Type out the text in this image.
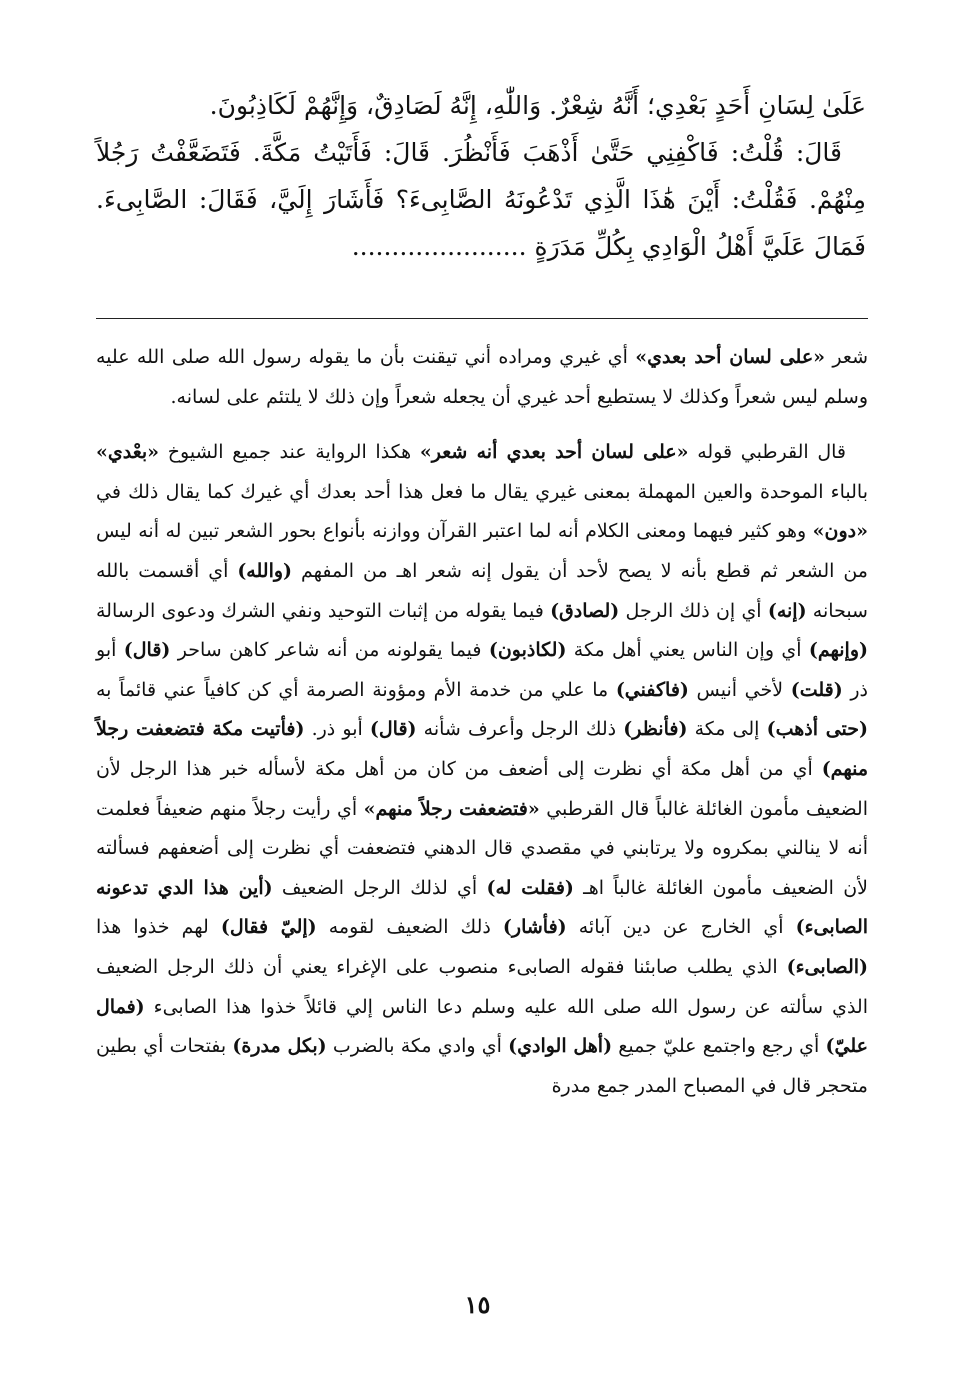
عَلَىٰ لِسَانِ أَحَدٍ بَعْدِي؛ أَنَّهُ شِعْرٌ. وَاللّٰهِ، إِنَّهُ لَصَادِقٌ، وَإِنَّهُمْ لَكَاذِبُونَ.

قَالَ: قُلْتُ: فَاكْفِنِي حَتَّىٰ أَذْهَبَ فَأَنْظُرَ. قَالَ: فَأَتَيْتُ مَكَّةَ. فَتَضَعَّفْتُ رَجُلاً مِنْهُمْ. فَقُلْتُ: أَيْنَ هَٰذَا الَّذِي تَدْعُونَهُ الصَّابِىءَ؟ فَأَشَارَ إِلَيَّ، فَقَالَ: الصَّابِىءَ. فَمَالَ عَلَيَّ أَهْلُ الْوَادِي بِكُلِّ مَدَرَةٍ ......................

شعر «على لسان أحد بعدي» أي غيري ومراده أني تيقنت بأن ما يقوله رسول الله صلى الله عليه وسلم ليس شعراً وكذلك لا يستطيع أحد غيري أن يجعله شعراً وإن ذلك لا يلتئم على لسانه.

قال القرطبي قوله «على لسان أحد بعدي أنه شعر» هكذا الرواية عند جميع الشيوخ «بعْدي» بالباء الموحدة والعين المهملة بمعنى غيري يقال ما فعل هذا أحد بعدك أي غيرك كما يقال ذلك في «دون» وهو كثير فيهما ومعنى الكلام أنه لما اعتبر القرآن ووازنه بأنواع بحور الشعر تبين له أنه ليس من الشعر ثم قطع بأنه لا يصح لأحد أن يقول إنه شعر اهـ من المفهم (والله) أي أقسمت بالله سبحانه (إنه) أي إن ذلك الرجل (لصادق) فيما يقوله من إثبات التوحيد ونفي الشرك ودعوى الرسالة (وإنهم) أي وإن الناس يعني أهل مكة (لكاذبون) فيما يقولونه من أنه شاعر كاهن ساحر (قال) أبو ذر (قلت) لأخي أنيس (فاكفني) ما علي من خدمة الأم ومؤونة الصرمة أي كن كافياً عني قائماً به (حتى أذهب) إلى مكة (فأنظر) ذلك الرجل وأعرف شأنه (قال) أبو ذر. (فأتيت مكة فتضعفت رجلاً منهم) أي من أهل مكة أي نظرت إلى أضعف من كان من أهل مكة لأسأله خبر هذا الرجل لأن الضعيف مأمون الغائلة غالباً قال القرطبي «فتضعفت رجلاً منهم» أي رأيت رجلاً منهم ضعيفاً فعلمت أنه لا ينالني بمكروه ولا يرتابني في مقصدي قال الدهني فتضعفت أي نظرت إلى أضعفهم فسألته لأن الضعيف مأمون الغائلة غالباً اهـ (فقلت له) أي لذلك الرجل الضعيف (أين هذا الدي تدعونه الصابىء) أي الخارج عن دين آبائه (فأشار) ذلك الضعيف لقومه (إليّ فقال) لهم خذوا هذا (الصابىء) الذي يطلب صابئنا فقوله الصابىء منصوب على الإغراء يعني أن ذلك الرجل الضعيف الذي سألته عن رسول الله صلى الله عليه وسلم دعا الناس إلي قائلاً خذوا هذا الصابىء (فمال عليّ) أي رجع واجتمع عليّ جميع (أهل الوادي) أي وادي مكة بالضرب (بكل مدرة) بفتحات أي بطين متحجر قال في المصباح المدر جمع مدرة

١٥
